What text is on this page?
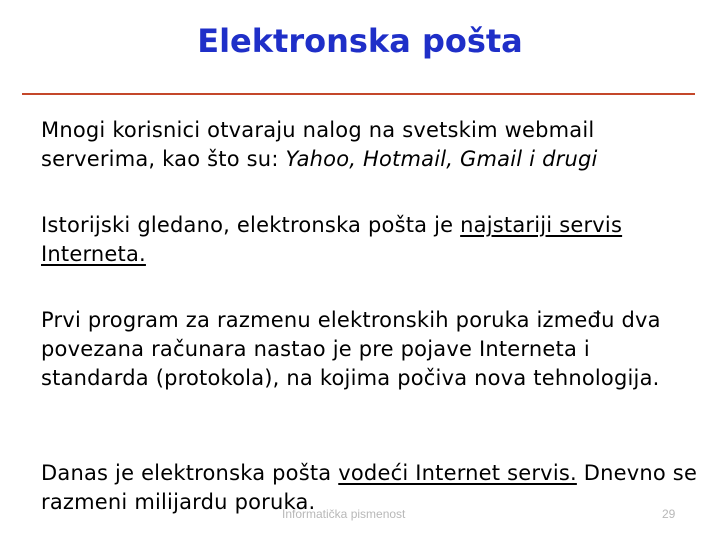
Elektronska pošta
Mnogi korisnici otvaraju nalog na svetskim webmail serverima, kao što su: Yahoo, Hotmail, Gmail i drugi
Istorijski gledano, elektronska pošta je najstariji servis Interneta.
Prvi program za razmenu elektronskih poruka između dva povezana računara nastao je pre pojave Interneta i standarda (protokola), na kojima počiva nova tehnologija.
Danas je elektronska pošta vodeći Internet servis. Dnevno se razmeni milijardu poruka.
Informatička pismenost	29
